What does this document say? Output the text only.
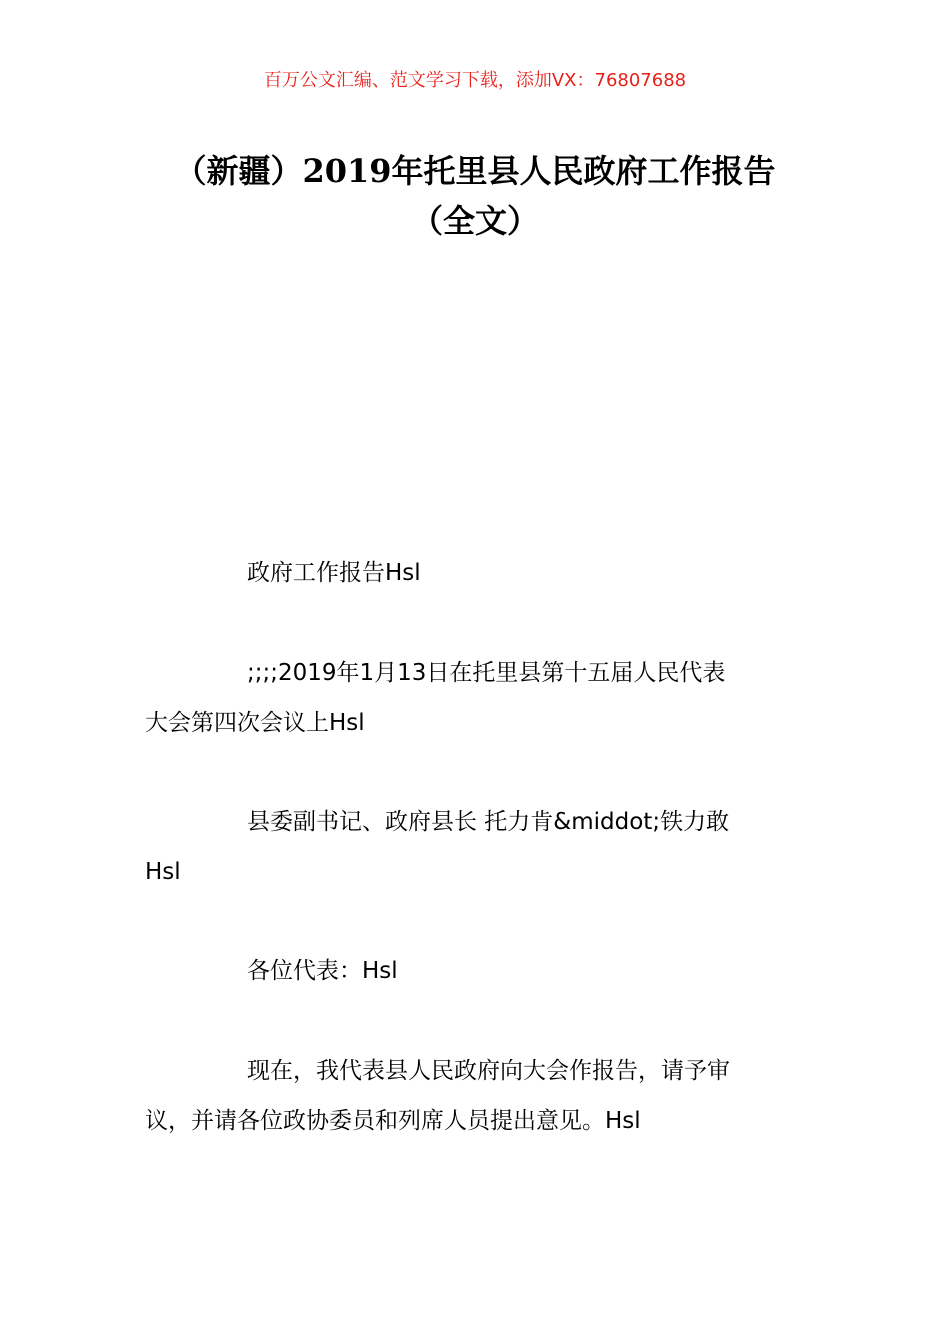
百万公文汇编、范文学习下载，添加VX：76807688
（新疆）2019年托里县人民政府工作报告
（全文）
政府工作报告Hsl
;;;;2019年1月13日在托里县第十五届人民代表
大会第四次会议上Hsl
县委副书记、政府县长 托力肯&middot;铁力敢
Hsl
各位代表：Hsl
现在，我代表县人民政府向大会作报告，请予审
议，并请各位政协委员和列席人员提出意见。Hsl
